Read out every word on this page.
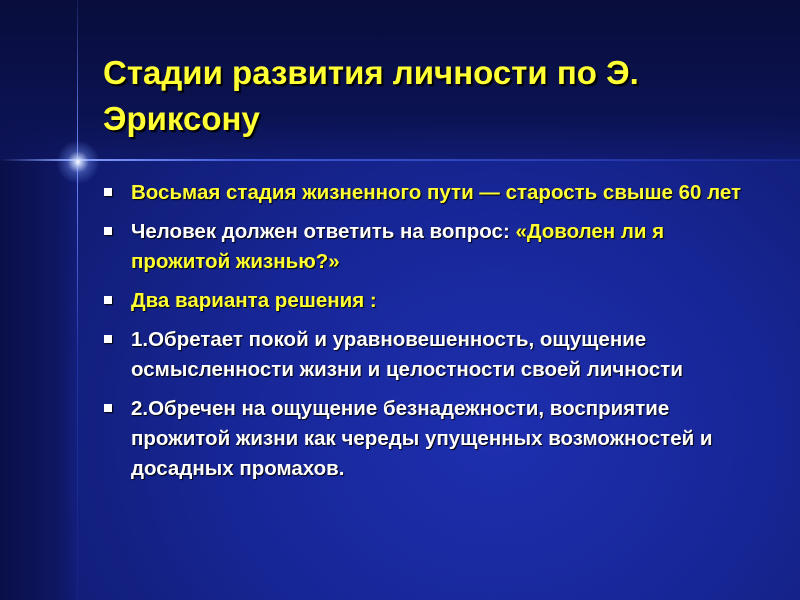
Стадии развития личности по Э. Эриксону
Восьмая стадия жизненного пути — старость свыше 60 лет
Человек должен ответить на вопрос: «Доволен ли я прожитой жизнью?»
Два варианта решения :
1.Обретает покой и уравновешенность, ощущение осмысленности жизни и целостности своей личности
2.Обречен на ощущение безнадежности, восприятие прожитой жизни как череды упущенных возможностей и досадных промахов.
